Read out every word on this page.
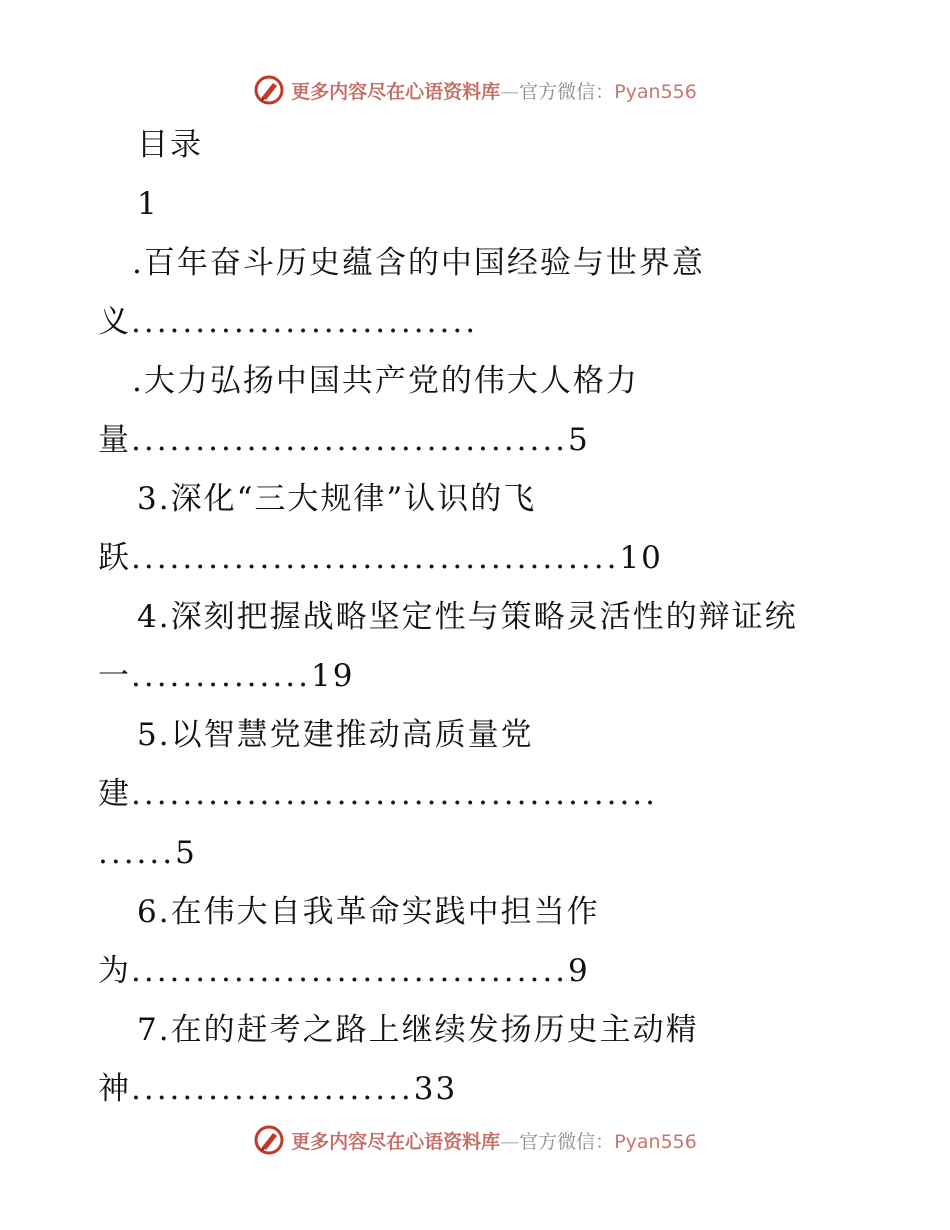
更多内容尽在心语资料库—官方微信：Pyan556
目录
1
.百年奋斗历史蕴含的中国经验与世界意
义...........................
.大力弘扬中国共产党的伟大人格力
量..................................5
3.深化“三大规律”认识的飞
跃......................................10
4.深刻把握战略坚定性与策略灵活性的辩证统
一..............19
5.以智慧党建推动高质量党
建.........................................
......5
6.在伟大自我革命实践中担当作
为..................................9
7.在的赶考之路上继续发扬历史主动精
神......................33
更多内容尽在心语资料库—官方微信：Pyan556
